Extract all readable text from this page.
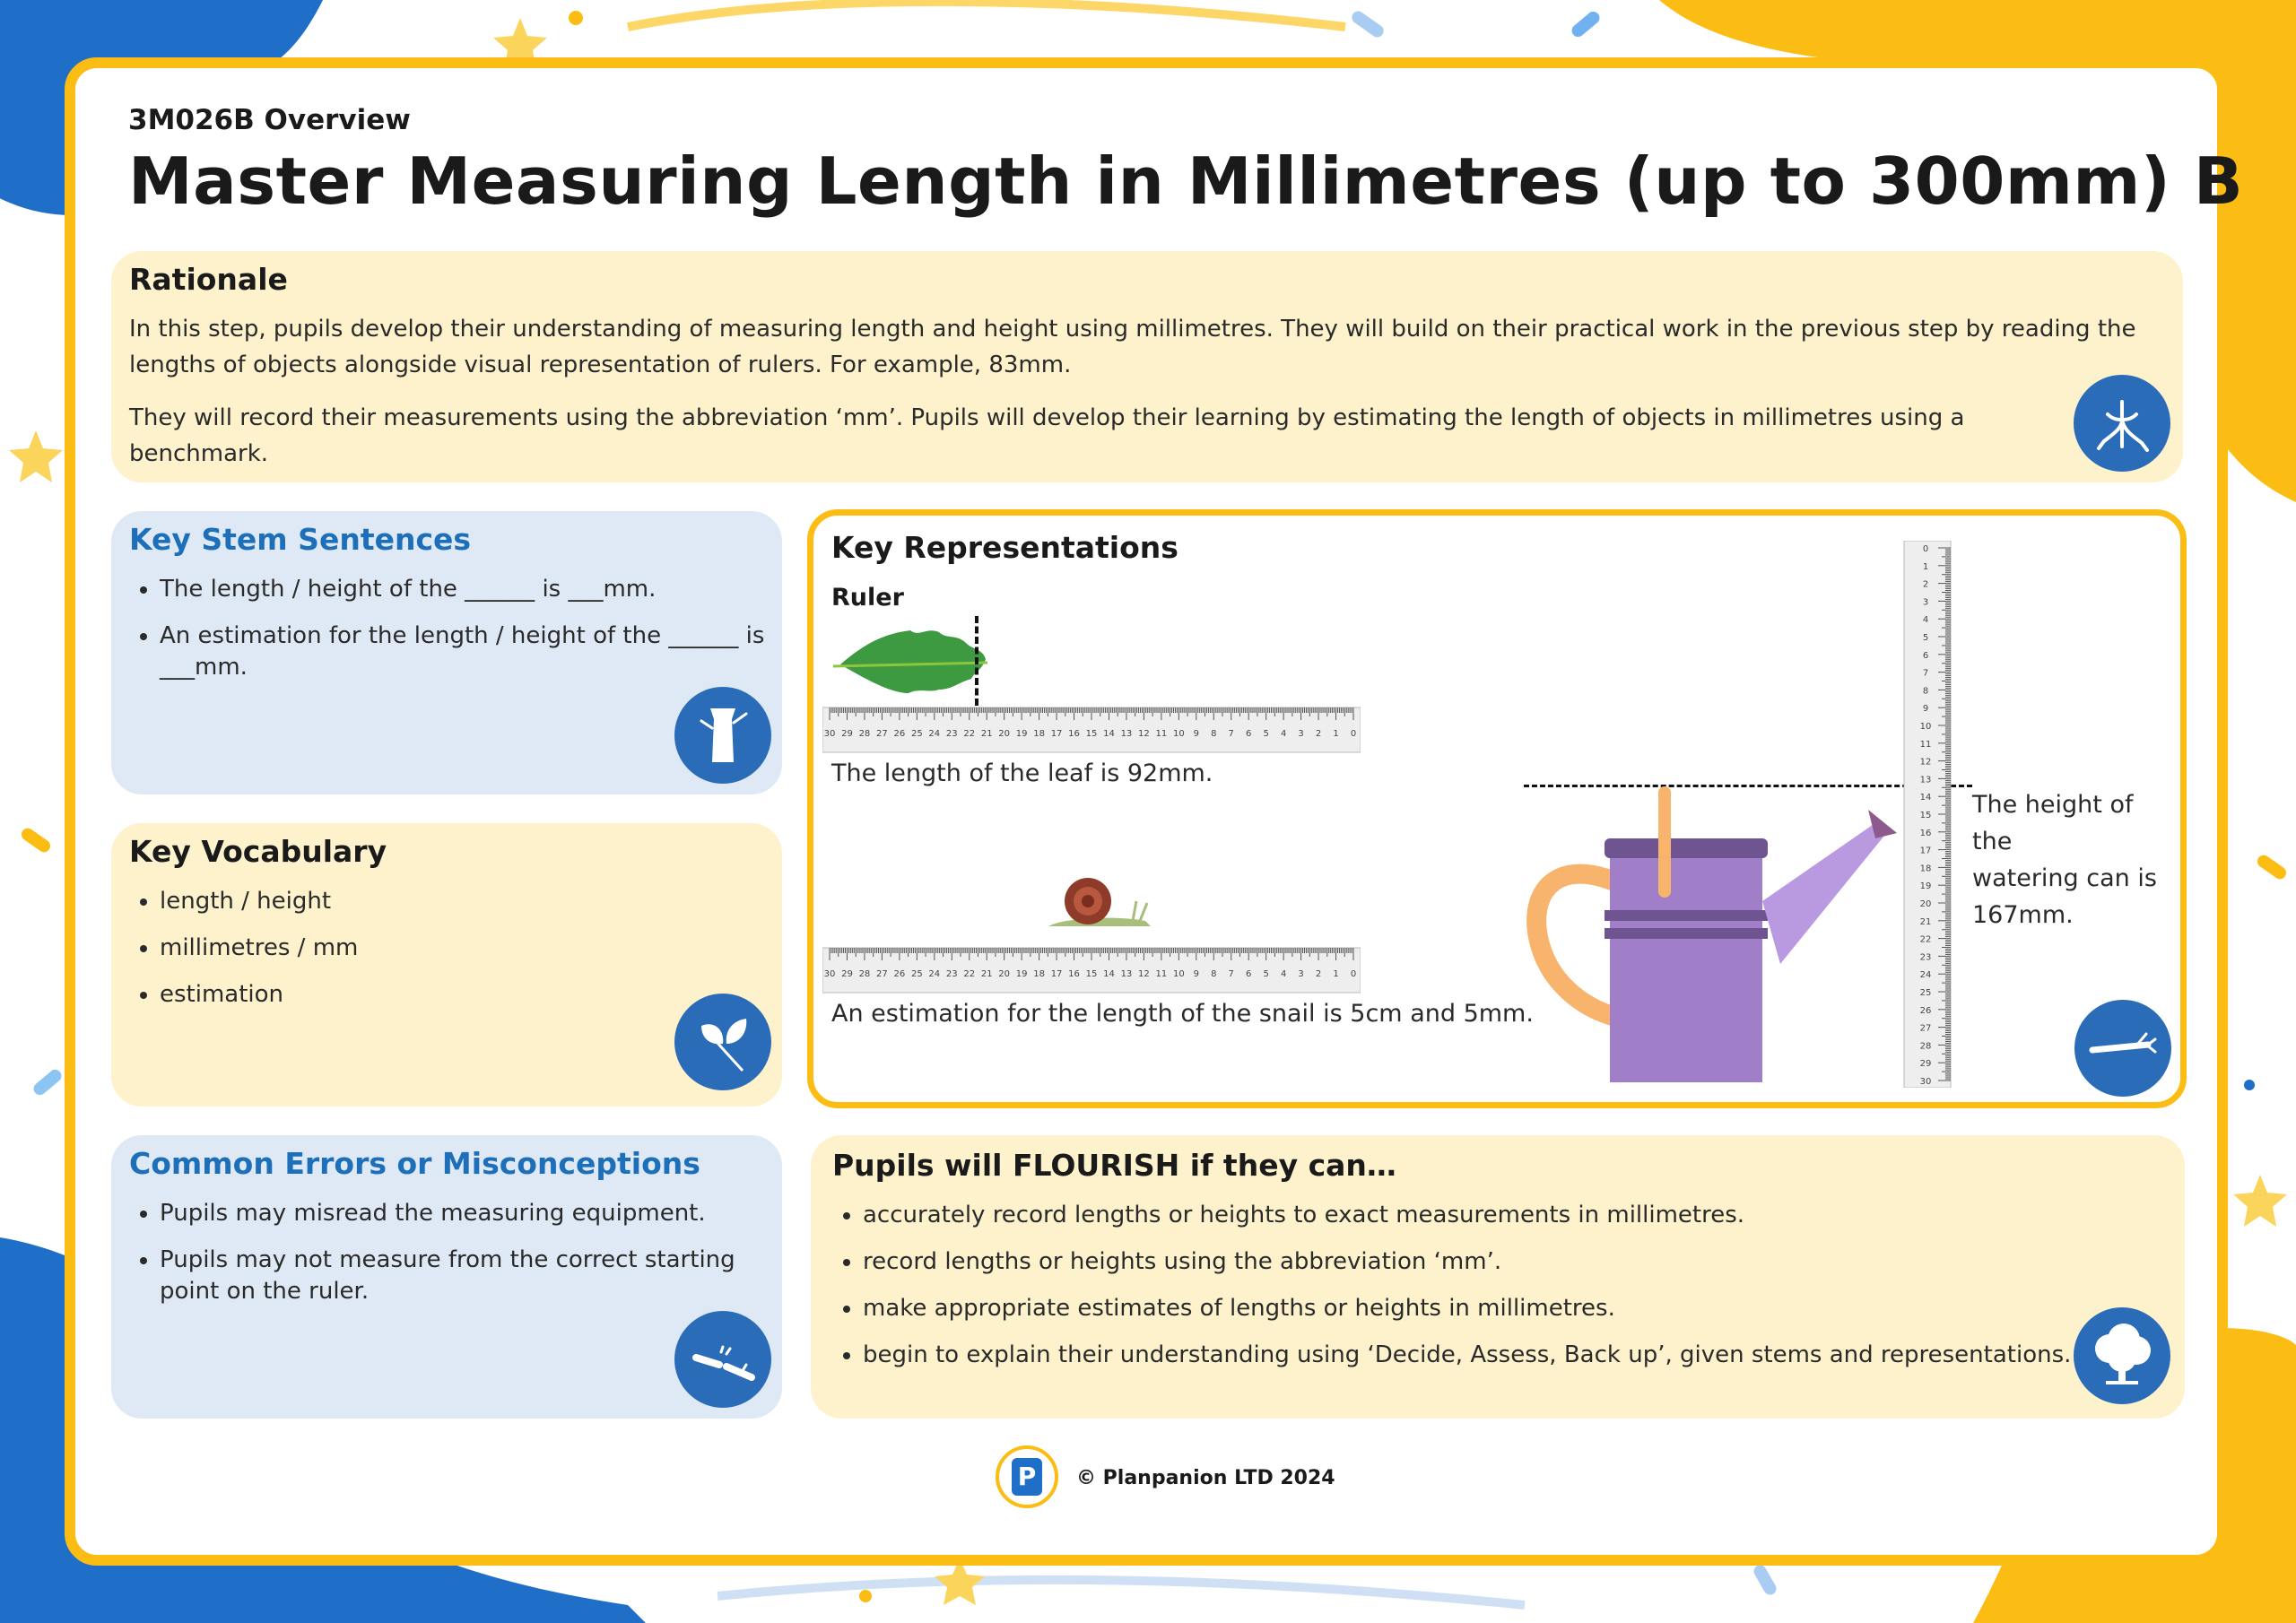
3M026B Overview
Master Measuring Length in Millimetres (up to 300mm) B
Rationale
In this step, pupils develop their understanding of measuring length and height using millimetres. They will build on their practical work in the previous step by reading the lengths of objects alongside visual representation of rulers. For example, 83mm.
They will record their measurements using the abbreviation ‘mm’. Pupils will develop their learning by estimating the length of objects in millimetres using a benchmark.
Key Stem Sentences
• The length / height of the ______ is ___mm.
• An estimation for the length / height of the ______ is ___mm.
Key Vocabulary
• length / height
• millimetres / mm
• estimation
Common Errors or Misconceptions
• Pupils may misread the measuring equipment.
• Pupils may not measure from the correct starting point on the ruler.
Key Representations
Ruler
30 29 28 27 26 25 24 23 22 21 20 19 18 17 16 15 14 13 12 11 10 9 8 7 6 5 4 3 2 1 0
The length of the leaf is 92mm.
30 29 28 27 26 25 24 23 22 21 20 19 18 17 16 15 14 13 12 11 10 9 8 7 6 5 4 3 2 1 0
An estimation for the length of the snail is 5cm and 5mm.
0
1
2
3
4
5
6
7
8
9
10
11
12
13
14
15
16
17
18
19
20
21
22
23
24
25
26
27
28
29
30
The height of the
watering can is
167mm.
Pupils will FLOURISH if they can…
• accurately record lengths or heights to exact measurements in millimetres.
• record lengths or heights using the abbreviation ‘mm’.
• make appropriate estimates of lengths or heights in millimetres.
• begin to explain their understanding using ‘Decide, Assess, Back up’, given stems and representations.
P	© Planpanion LTD 2024
